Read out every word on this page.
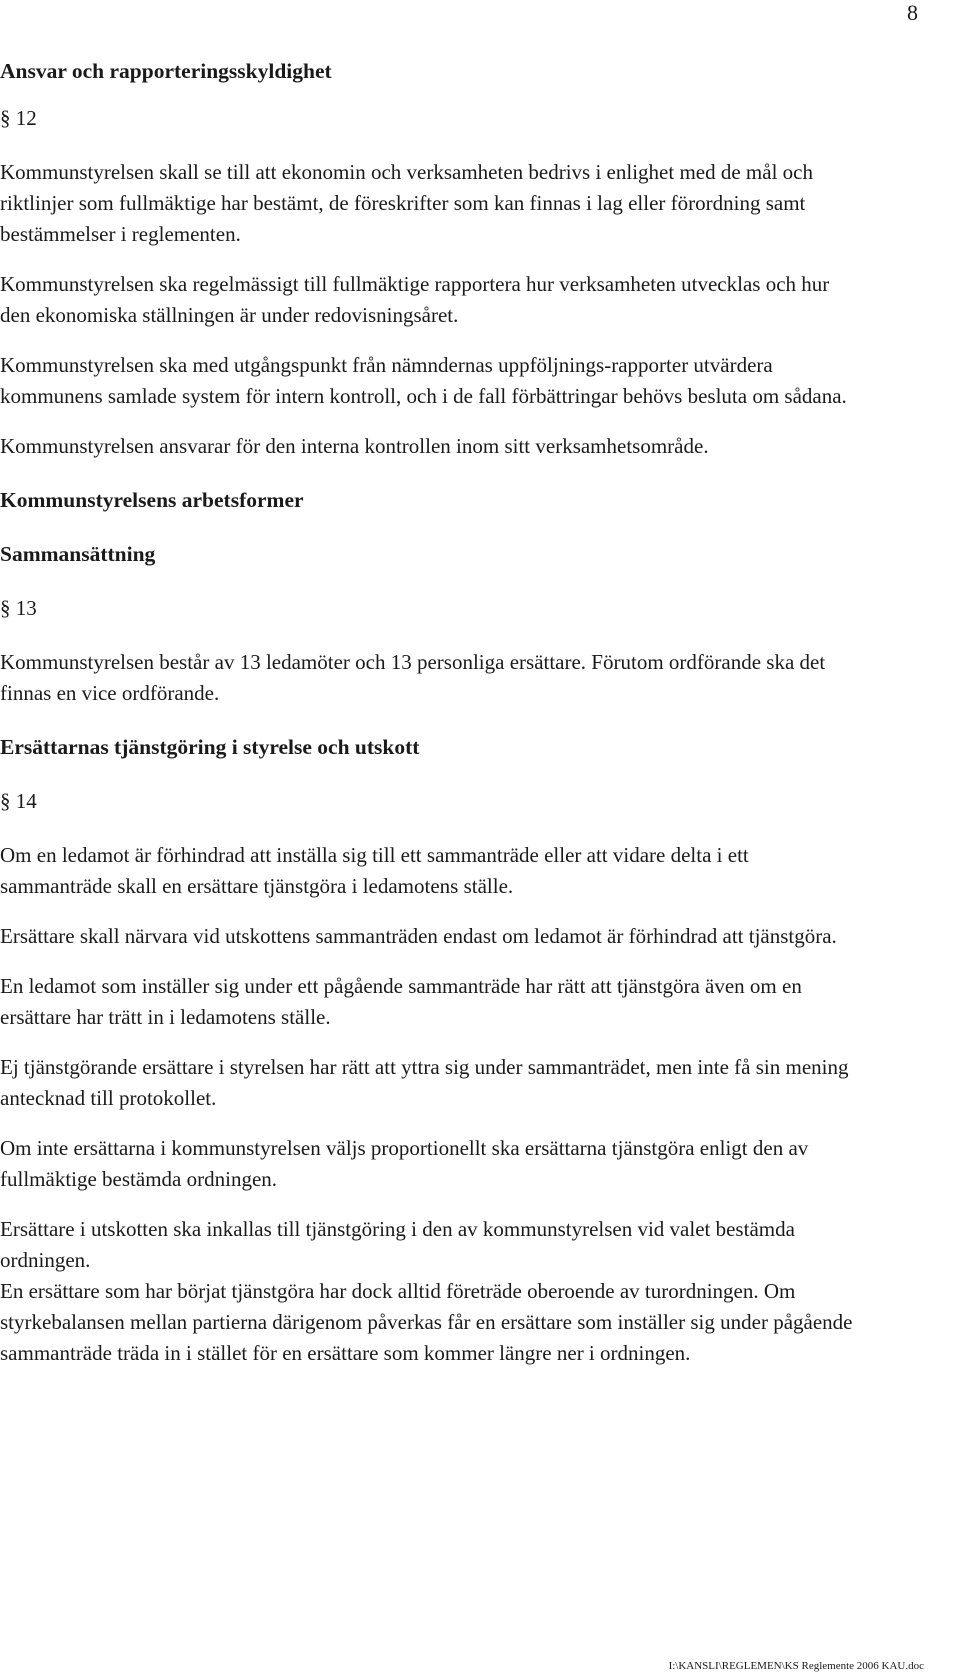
8

Ansvar och rapporteringsskyldighet

§ 12

Kommunstyrelsen skall se till att ekonomin och verksamheten bedrivs i enlighet med de mål och riktlinjer som fullmäktige har bestämt, de föreskrifter som kan finnas i lag eller förordning samt bestämmelser i reglementen.

Kommunstyrelsen ska regelmässigt till fullmäktige rapportera hur verksamheten utvecklas och hur den ekonomiska ställningen är under redovisningsåret.

Kommunstyrelsen ska med utgångspunkt från nämndernas uppföljnings-rapporter utvärdera kommunens samlade system för intern kontroll, och i de fall förbättringar behövs besluta om sådana.

Kommunstyrelsen ansvarar för den interna kontrollen inom sitt verksamhetsområde.

Kommunstyrelsens arbetsformer

Sammansättning

§ 13

Kommunstyrelsen består av 13 ledamöter och 13 personliga ersättare. Förutom ordförande ska det finnas en vice ordförande.

Ersättarnas tjänstgöring i styrelse och utskott

§ 14

Om en ledamot är förhindrad att inställa sig till ett sammanträde eller att vidare delta i ett sammanträde skall en ersättare tjänstgöra i ledamotens ställe.

Ersättare skall närvara vid utskottens sammanträden endast om ledamot är förhindrad att tjänstgöra.

En ledamot som inställer sig under ett pågående sammanträde har rätt att tjänstgöra även om en ersättare har trätt in i ledamotens ställe.

Ej tjänstgörande ersättare i styrelsen har rätt att yttra sig under sammanträdet, men inte få sin mening antecknad till protokollet.

Om inte ersättarna i kommunstyrelsen väljs proportionellt ska ersättarna tjänstgöra enligt den av fullmäktige bestämda ordningen.

Ersättare i utskotten ska inkallas till tjänstgöring i den av kommunstyrelsen vid valet bestämda ordningen.

En ersättare som har börjat tjänstgöra har dock alltid företräde oberoende av turordningen. Om styrkebalansen mellan partierna därigenom påverkas får en ersättare som inställer sig under pågående sammanträde träda in i stället för en ersättare som kommer längre ner i ordningen.

I:\KANSLI\REGLEMEN\KS Reglemente 2006 KAU.doc
